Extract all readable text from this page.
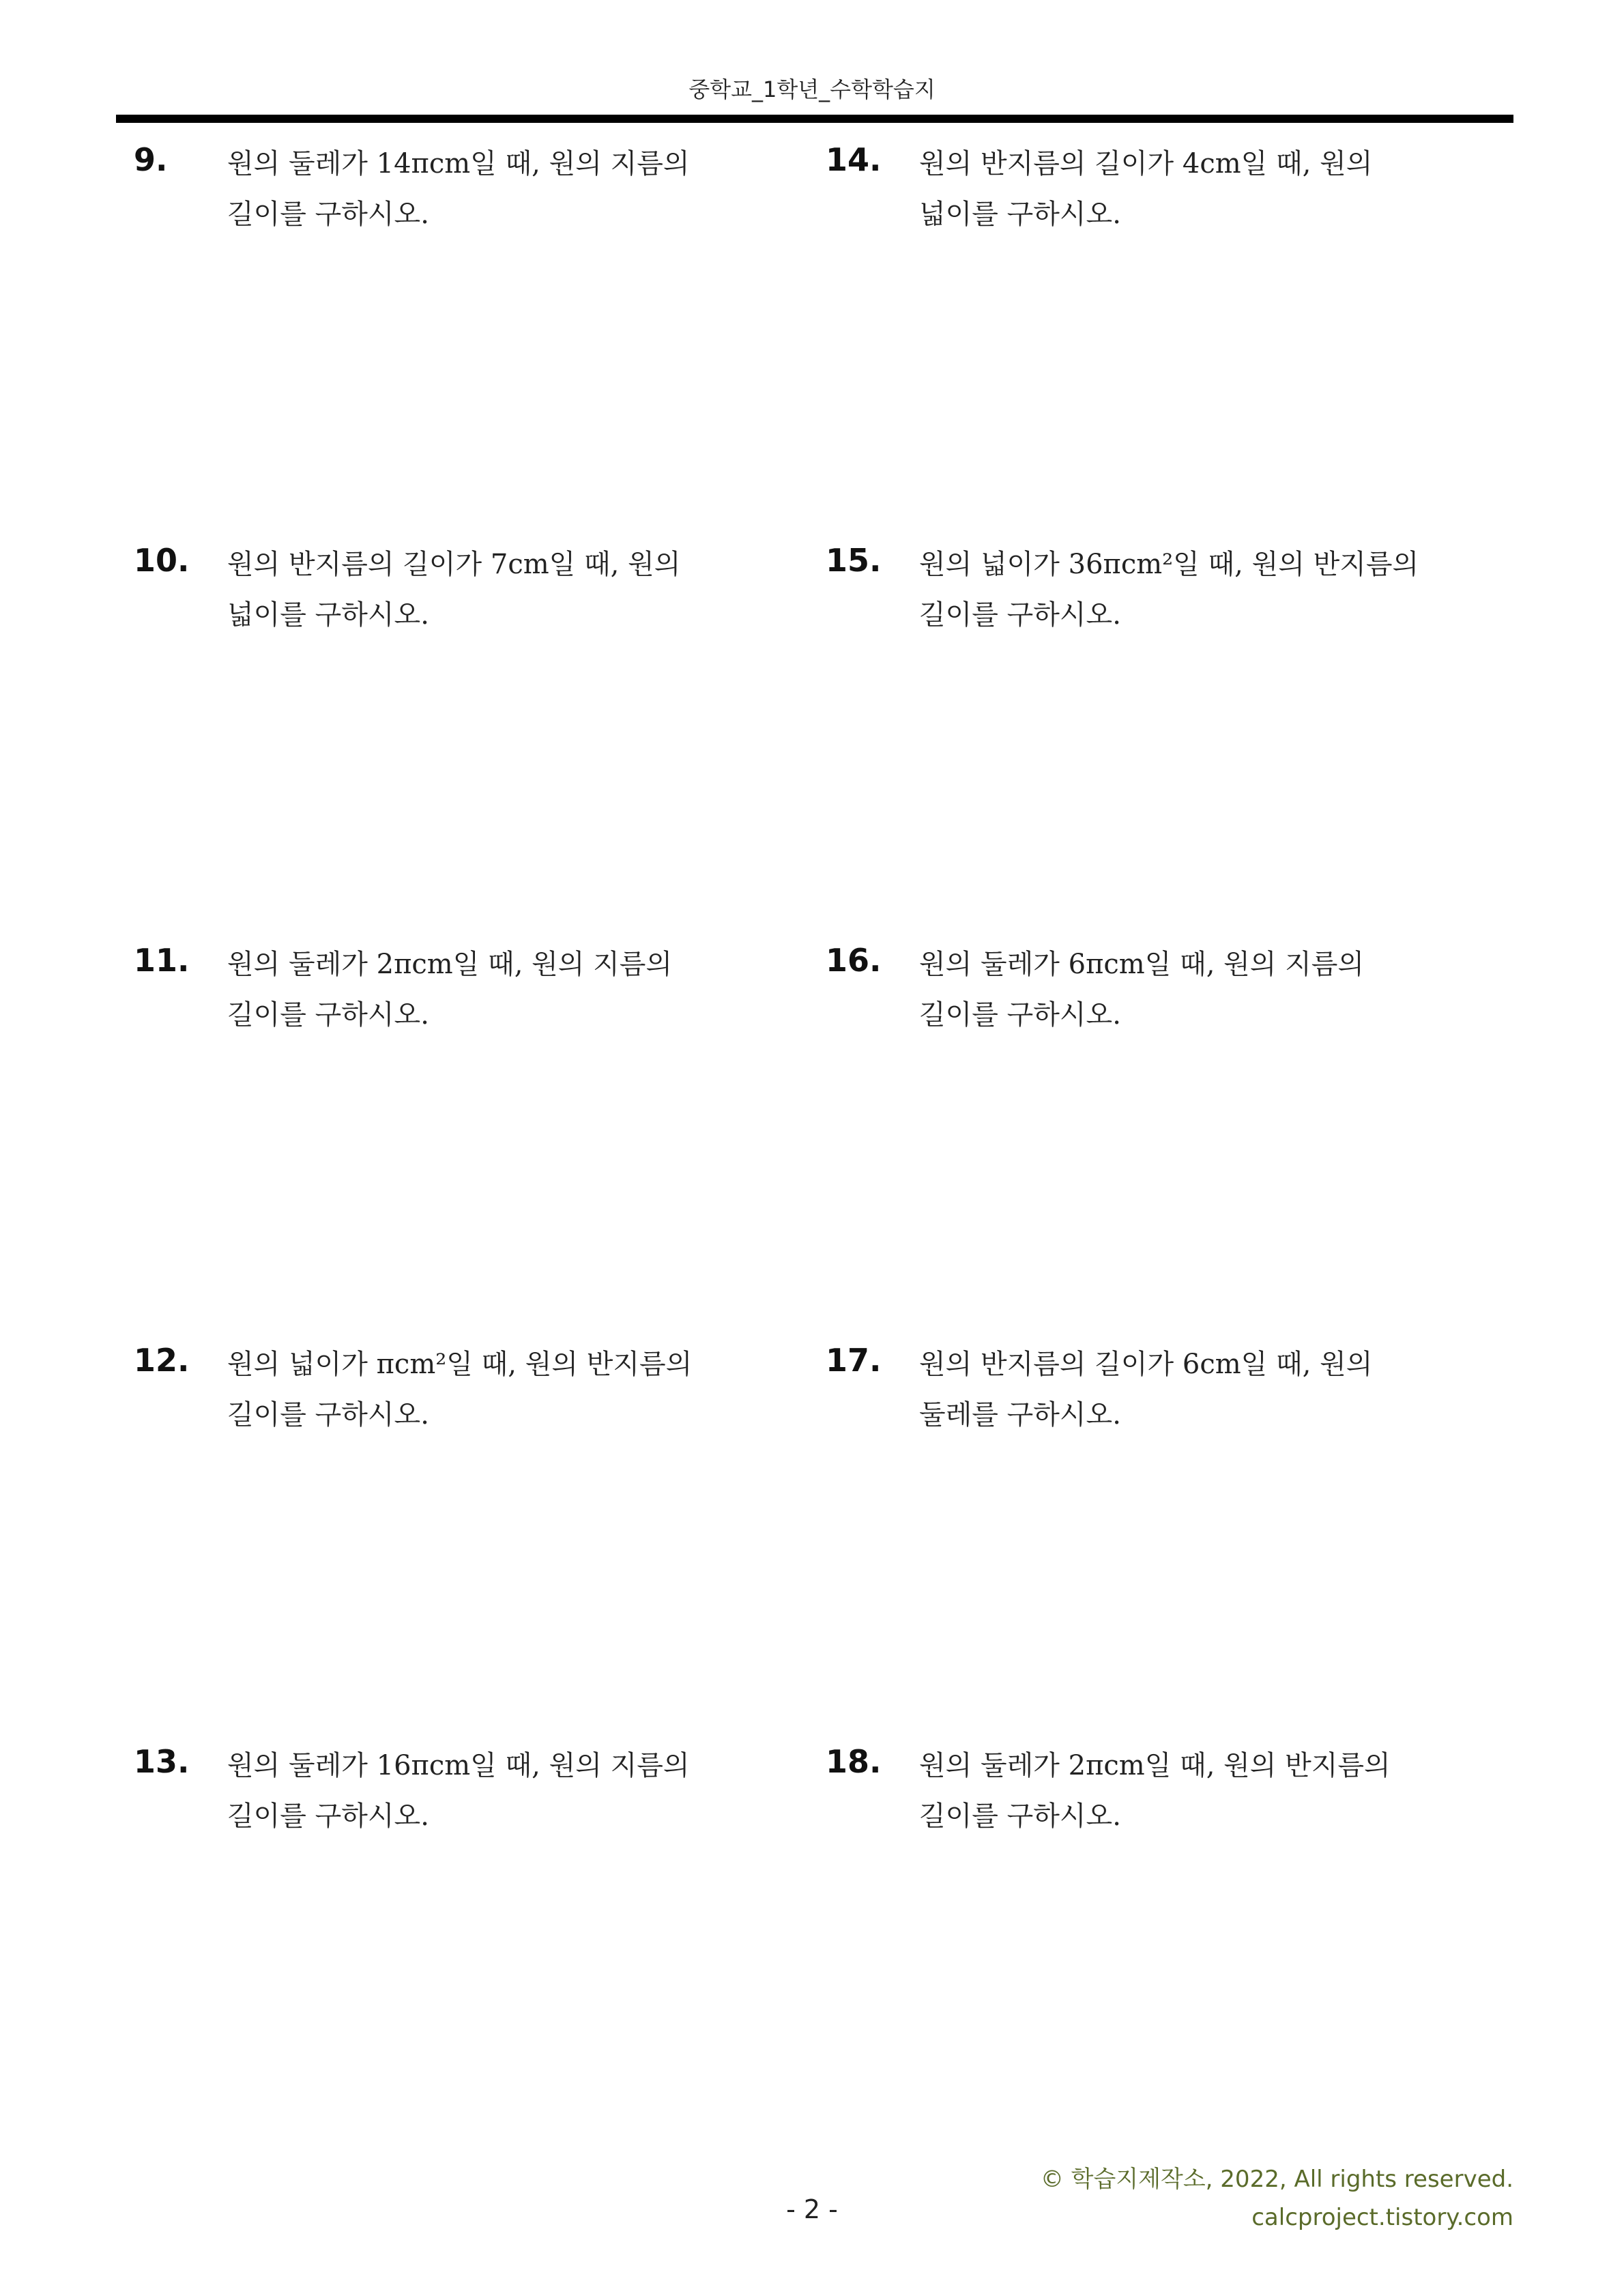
중학교_1학년_수학학습지
9. 원의 둘레가 14πcm일 때, 원의 지름의
길이를 구하시오.
10. 원의 반지름의 길이가 7cm일 때, 원의
넓이를 구하시오.
11. 원의 둘레가 2πcm일 때, 원의 지름의
길이를 구하시오.
12. 원의 넓이가 πcm²일 때, 원의 반지름의
길이를 구하시오.
13. 원의 둘레가 16πcm일 때, 원의 지름의
길이를 구하시오.
14. 원의 반지름의 길이가 4cm일 때, 원의
넓이를 구하시오.
15. 원의 넓이가 36πcm²일 때, 원의 반지름의
길이를 구하시오.
16. 원의 둘레가 6πcm일 때, 원의 지름의
길이를 구하시오.
17. 원의 반지름의 길이가 6cm일 때, 원의
둘레를 구하시오.
18. 원의 둘레가 2πcm일 때, 원의 반지름의
길이를 구하시오.
- 2 -
© 학습지제작소, 2022, All rights reserved.
calcproject.tistory.com
